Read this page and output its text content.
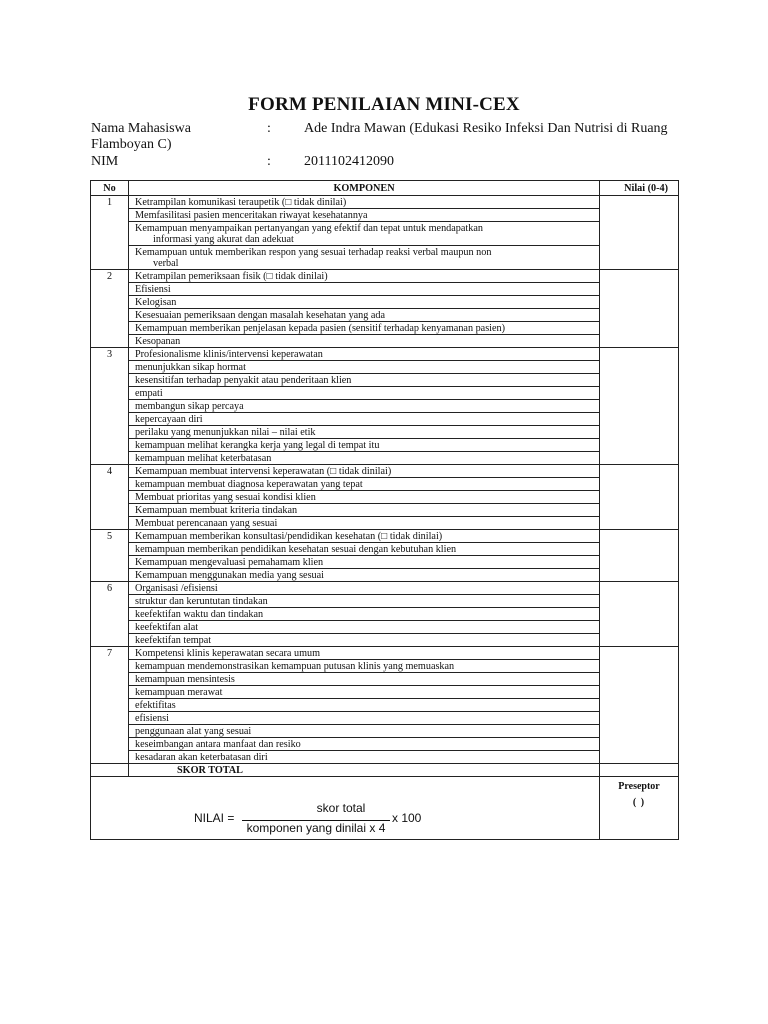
FORM PENILAIAN MINI-CEX
Nama Mahasiswa	: Ade Indra Mawan (Edukasi Resiko Infeksi Dan Nutrisi di Ruang
Flamboyan C)
NIM	: 2011102412090
No	KOMPONEN	Nilai (0-4)
1	Ketrampilan komunikasi teraupetik (□ tidak dinilai)	
	Memfasilitasi pasien menceritakan riwayat kesehatannya	
	Kemampuan menyampaikan pertanyangan yang efektif dan tepat untuk mendapatkan
informasi yang akurat dan adekuat	

	Kemampuan untuk memberikan respon yang sesuai terhadap reaksi verbal maupun non
verbal	

2	Ketrampilan pemeriksaan fisik (□ tidak dinilai)	
	Efisiensi	
	Kelogisan	
	Kesesuaian pemeriksaan dengan masalah kesehatan yang ada	
	Kemampuan memberikan penjelasan kepada pasien (sensitif terhadap kenyamanan pasien)	
	Kesopanan	
3	Profesionalisme klinis/intervensi keperawatan	
	menunjukkan sikap hormat	
	kesensitifan terhadap penyakit atau penderitaan klien	
	empati	
	membangun sikap percaya	
	kepercayaan diri	
	perilaku yang menunjukkan nilai – nilai etik	
	kemampuan melihat kerangka kerja yang legal di tempat itu	
	kemampuan melihat keterbatasan	
4	Kemampuan membuat intervensi keperawatan (□ tidak dinilai)	
	kemampuan membuat diagnosa keperawatan yang tepat	
	Membuat prioritas yang sesuai kondisi klien	
	Kemampuan membuat kriteria tindakan	
	Membuat perencanaan yang sesuai	
5	Kemampuan memberikan konsultasi/pendidikan kesehatan (□ tidak dinilai)	
	kemampuan memberikan pendidikan kesehatan sesuai dengan kebutuhan klien	
	Kemampuan mengevaluasi pemahamam klien	
	Kemampuan menggunakan media yang sesuai	
6	Organisasi /efisiensi	
	struktur dan keruntutan tindakan	
	keefektifan waktu dan tindakan	
	keefektifan alat	
	keefektifan tempat	
7	Kompetensi klinis keperawatan secara umum	
	kemampuan mendemonstrasikan kemampuan putusan klinis yang memuaskan	
	kemampuan mensintesis	
	kemampuan merawat	
	efektifitas	
	efisiensi	
	penggunaan alat yang sesuai	
	keseimbangan antara manfaat dan resiko	
	kesadaran akan keterbatasan diri	
	SKOR TOTAL	

NILAI =
skor total
komponen yang dinilai x 4
x 100		Preseptor
( )
